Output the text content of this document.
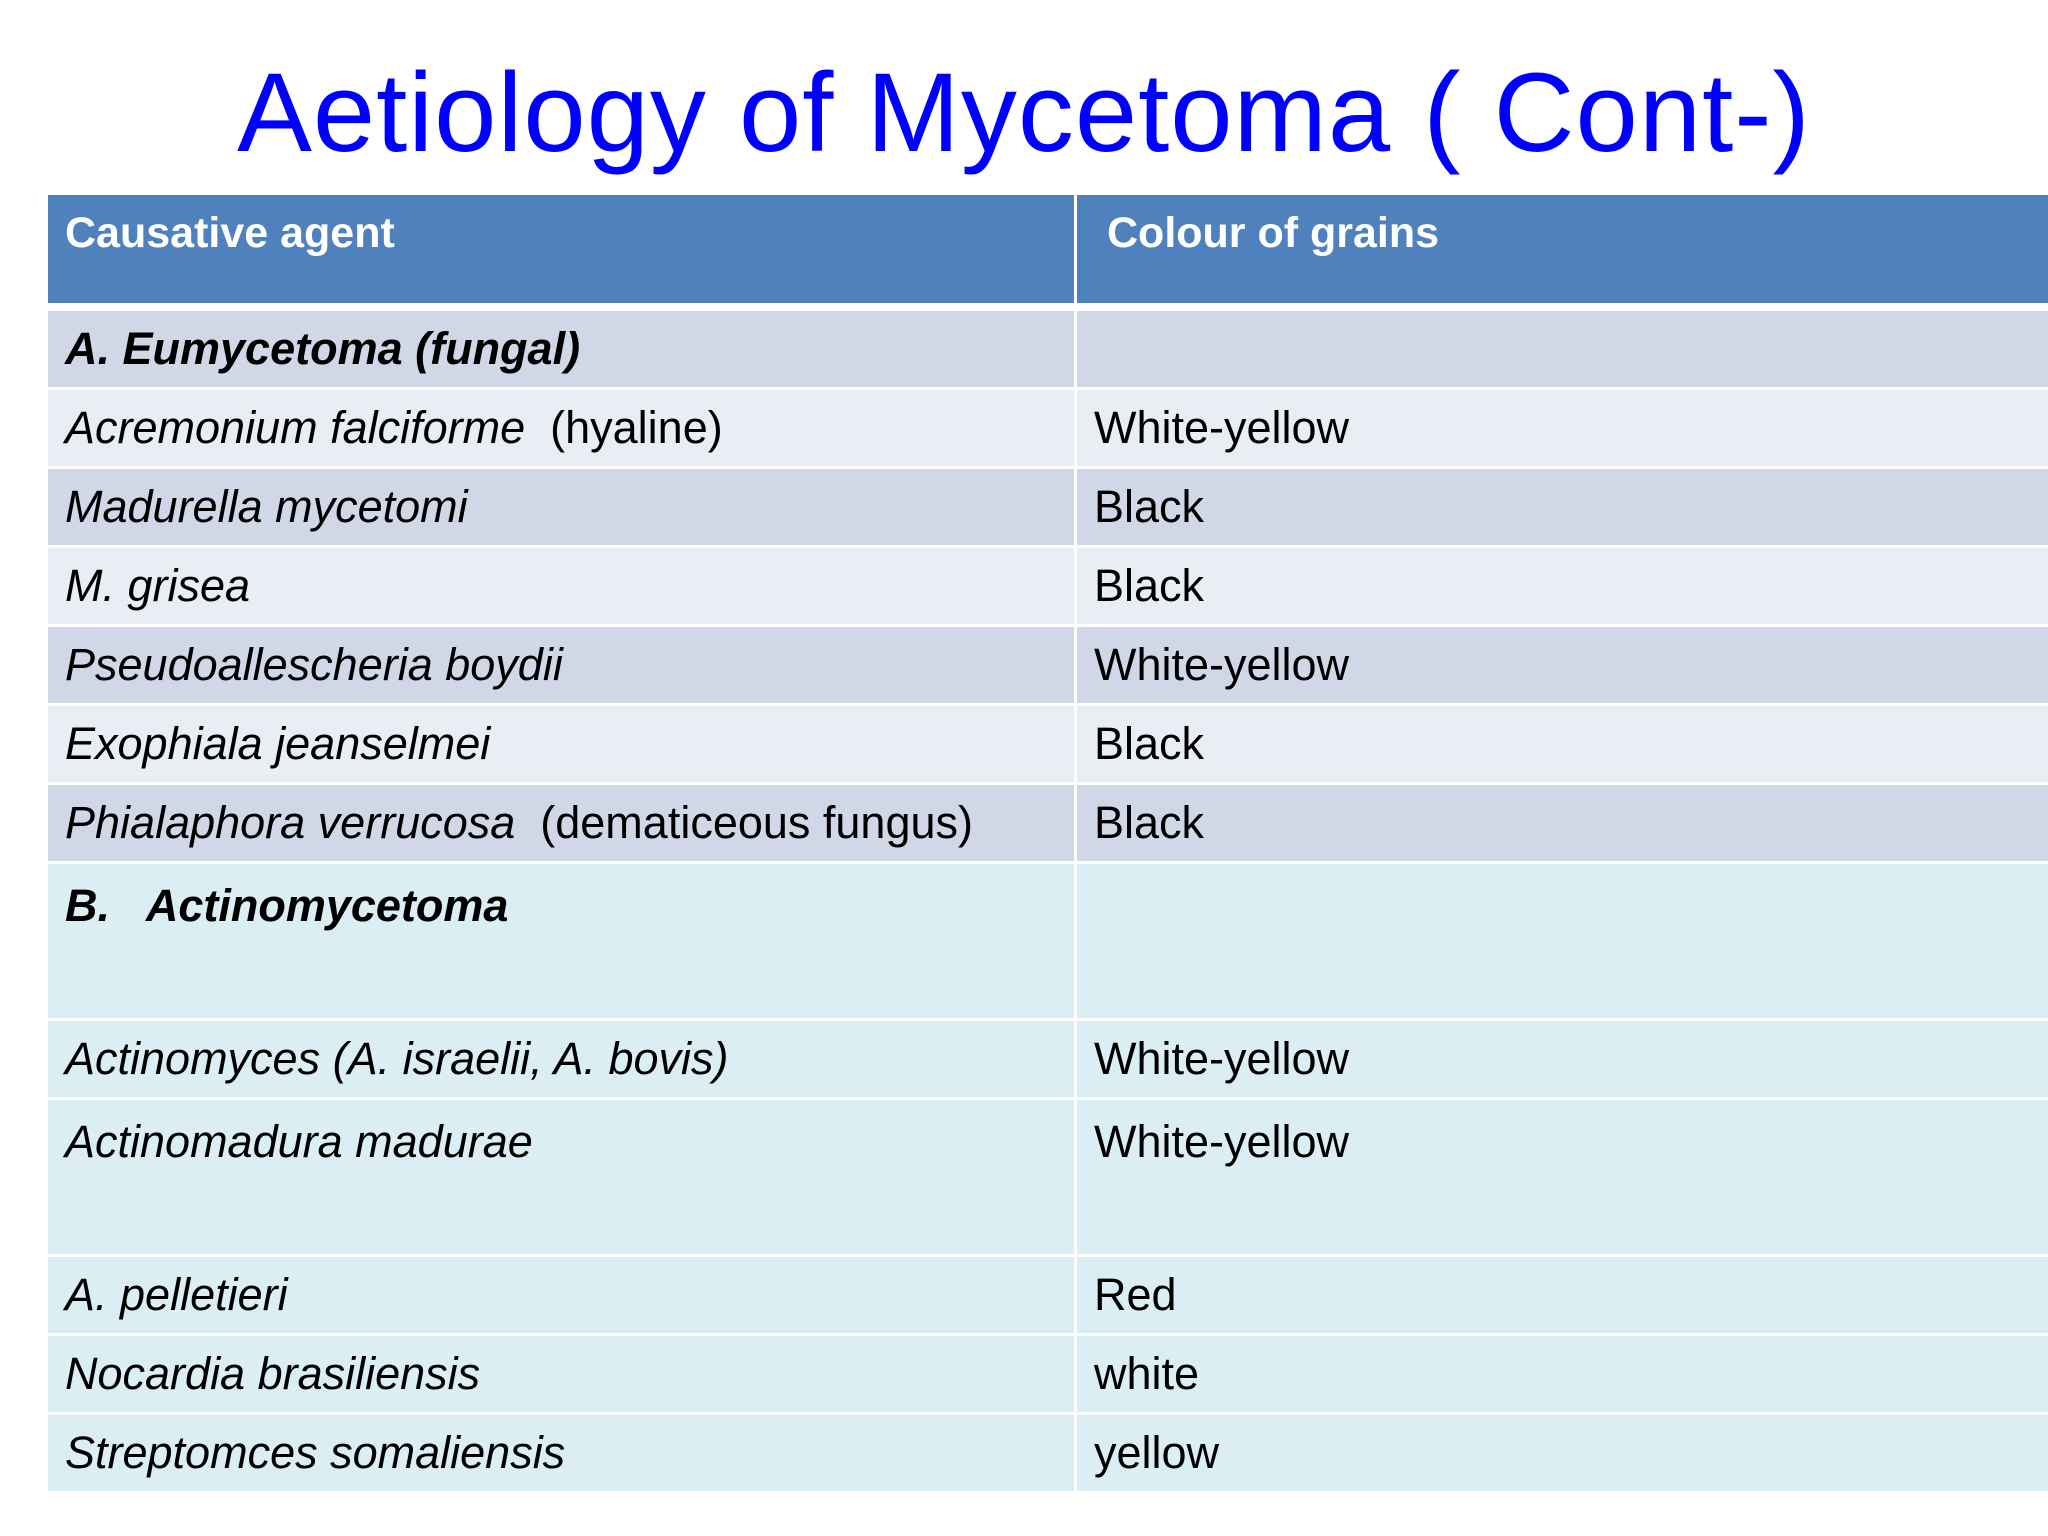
Aetiology of Mycetoma ( Cont-)
Causative agent	Colour of grains
A. Eumycetoma (fungal)	
Acremonium falciforme  (hyaline)	White-yellow
Madurella mycetomi	Black
M. grisea	Black
Pseudoallescheria boydii	White-yellow
Exophiala jeanselmei	Black
Phialaphora verrucosa  (dematiceous fungus)	Black
B.   Actinomycetoma	
Actinomyces (A. israelii, A. bovis)	White-yellow
Actinomadura madurae	White-yellow
A. pelletieri	Red
Nocardia brasiliensis	white
Streptomces somaliensis	yellow
